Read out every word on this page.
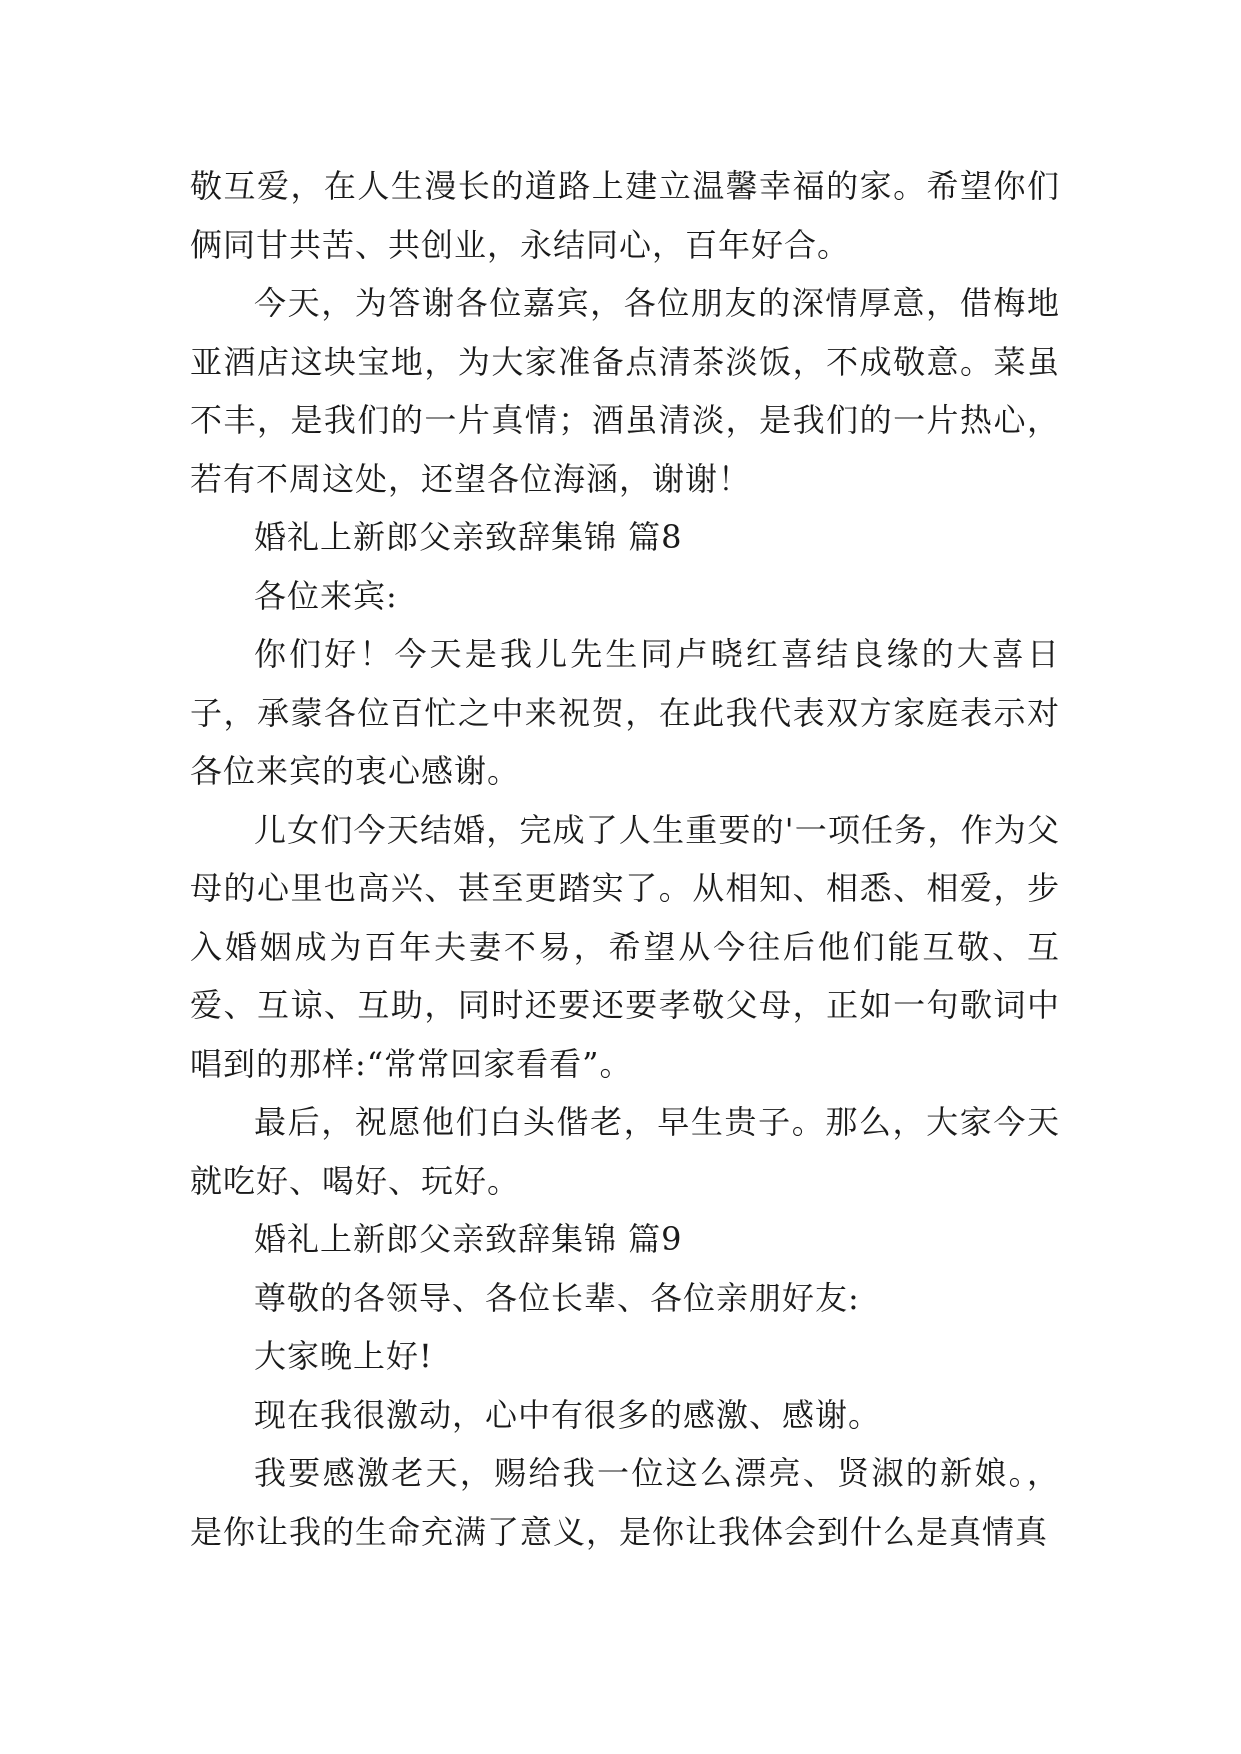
敬互爱，在人生漫长的道路上建立温馨幸福的家。希望你们俩同甘共苦、共创业，永结同心，百年好合。

今天，为答谢各位嘉宾，各位朋友的深情厚意，借梅地亚酒店这块宝地，为大家准备点清茶淡饭，不成敬意。菜虽不丰，是我们的一片真情；酒虽清淡，是我们的一片热心，若有不周这处，还望各位海涵，谢谢！

婚礼上新郎父亲致辞集锦 篇8

各位来宾:

你们好！今天是我儿先生同卢晓红喜结良缘的大喜日子，承蒙各位百忙之中来祝贺，在此我代表双方家庭表示对各位来宾的衷心感谢。

儿女们今天结婚，完成了人生重要的'一项任务，作为父母的心里也高兴、甚至更踏实了。从相知、相悉、相爱，步入婚姻成为百年夫妻不易，希望从今往后他们能互敬、互爱、互谅、互助，同时还要还要孝敬父母，正如一句歌词中唱到的那样:“常常回家看看”。

最后，祝愿他们白头偕老，早生贵子。那么，大家今天就吃好、喝好、玩好。

婚礼上新郎父亲致辞集锦 篇9

尊敬的各领导、各位长辈、各位亲朋好友:

大家晚上好!

现在我很激动，心中有很多的感激、感谢。

我要感激老天，赐给我一位这么漂亮、贤淑的新娘。，是你让我的生命充满了意义，是你让我体会到什么是真情真
